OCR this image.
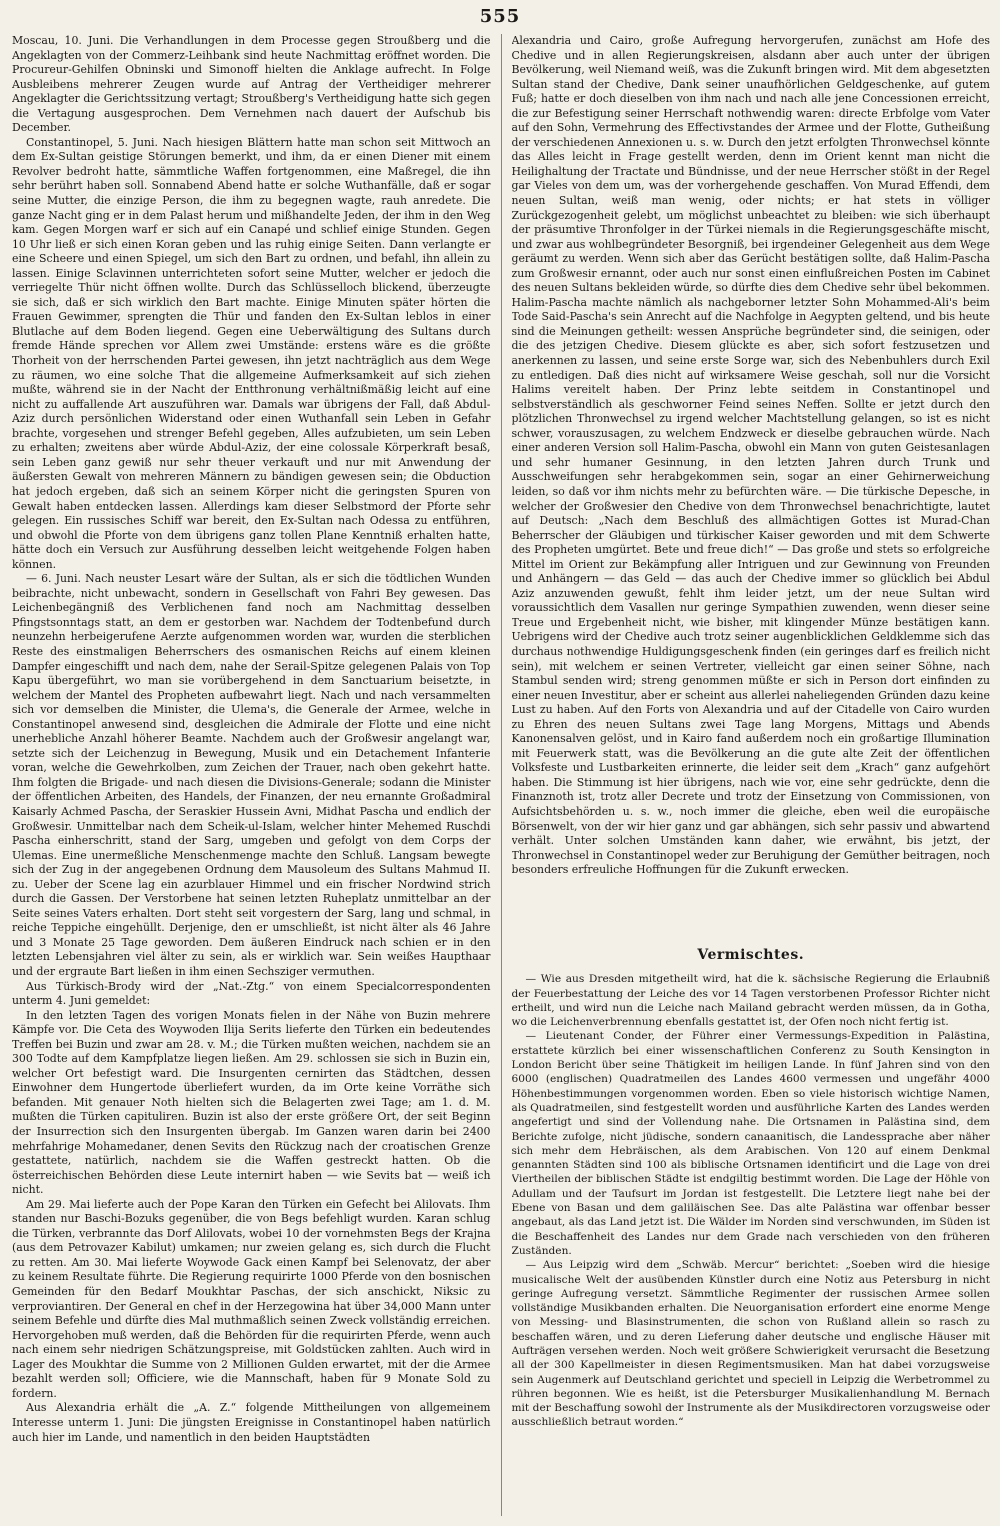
555

Moscau, 10. Juni. Die Verhandlungen in dem Processe gegen Stroußberg und die Angeklagten von der Commerz-Leihbank sind heute Nachmittag eröffnet worden. Die Procureur-Gehilfen Obninski und Simonoff hielten die Anklage aufrecht. In Folge Ausbleibens mehrerer Zeugen wurde auf Antrag der Vertheidiger mehrerer Angeklagter die Gerichtssitzung vertagt; Stroußberg's Vertheidigung hatte sich gegen die Vertagung ausgesprochen. Dem Vernehmen nach dauert der Aufschub bis December.

Constantinopel, 5. Juni. Nach hiesigen Blättern hatte man schon seit Mittwoch an dem Ex-Sultan geistige Störungen bemerkt, und ihm, da er einen Diener mit einem Revolver bedroht hatte, sämmtliche Waffen fortgenommen, eine Maßregel, die ihn sehr berührt haben soll. Sonnabend Abend hatte er solche Wuthanfälle, daß er sogar seine Mutter, die einzige Person, die ihm zu begegnen wagte, rauh anredete. Die ganze Nacht ging er in dem Palast herum und mißhandelte Jeden, der ihm in den Weg kam. Gegen Morgen warf er sich auf ein Canapé und schlief einige Stunden. Gegen 10 Uhr ließ er sich einen Koran geben und las ruhig einige Seiten. Dann verlangte er eine Scheere und einen Spiegel, um sich den Bart zu ordnen, und befahl, ihn allein zu lassen. Einige Sclavinnen unterrichteten sofort seine Mutter, welcher er jedoch die verriegelte Thür nicht öffnen wollte. Durch das Schlüsselloch blickend, überzeugte sie sich, daß er sich wirklich den Bart machte. Einige Minuten später hörten die Frauen Gewimmer, sprengten die Thür und fanden den Ex-Sultan leblos in einer Blutlache auf dem Boden liegend. Gegen eine Ueberwältigung des Sultans durch fremde Hände sprechen vor Allem zwei Umstände: erstens wäre es die größte Thorheit von der herrschenden Partei gewesen, ihn jetzt nachträglich aus dem Wege zu räumen, wo eine solche That die allgemeine Aufmerksamkeit auf sich ziehen mußte, während sie in der Nacht der Entthronung verhältnißmäßig leicht auf eine nicht zu auffallende Art auszuführen war. Damals war übrigens der Fall, daß Abdul-Aziz durch persönlichen Widerstand oder einen Wuthanfall sein Leben in Gefahr brachte, vorgesehen und strenger Befehl gegeben, Alles aufzubieten, um sein Leben zu erhalten; zweitens aber würde Abdul-Aziz, der eine colossale Körperkraft besaß, sein Leben ganz gewiß nur sehr theuer verkauft und nur mit Anwendung der äußersten Gewalt von mehreren Männern zu bändigen gewesen sein; die Obduction hat jedoch ergeben, daß sich an seinem Körper nicht die geringsten Spuren von Gewalt haben entdecken lassen. Allerdings kam dieser Selbstmord der Pforte sehr gelegen. Ein russisches Schiff war bereit, den Ex-Sultan nach Odessa zu entführen, und obwohl die Pforte von dem übrigens ganz tollen Plane Kenntniß erhalten hatte, hätte doch ein Versuch zur Ausführung desselben leicht weitgehende Folgen haben können.

— 6. Juni. Nach neuster Lesart wäre der Sultan, als er sich die tödtlichen Wunden beibrachte, nicht unbewacht, sondern in Gesellschaft von Fahri Bey gewesen. Das Leichenbegängniß des Verblichenen fand noch am Nachmittag desselben Pfingstsonntags statt, an dem er gestorben war. Nachdem der Todtenbefund durch neunzehn herbeigerufene Aerzte aufgenommen worden war, wurden die sterblichen Reste des einstmaligen Beherrschers des osmanischen Reichs auf einem kleinen Dampfer eingeschifft und nach dem, nahe der Serail-Spitze gelegenen Palais von Top Kapu übergeführt, wo man sie vorübergehend in dem Sanctuarium beisetzte, in welchem der Mantel des Propheten aufbewahrt liegt. Nach und nach versammelten sich vor demselben die Minister, die Ulema's, die Generale der Armee, welche in Constantinopel anwesend sind, desgleichen die Admirale der Flotte und eine nicht unerhebliche Anzahl höherer Beamte. Nachdem auch der Großwesir angelangt war, setzte sich der Leichenzug in Bewegung, Musik und ein Detachement Infanterie voran, welche die Gewehrkolben, zum Zeichen der Trauer, nach oben gekehrt hatte. Ihm folgten die Brigade- und nach diesen die Divisions-Generale; sodann die Minister der öffentlichen Arbeiten, des Handels, der Finanzen, der neu ernannte Großadmiral Kaisarly Achmed Pascha, der Seraskier Hussein Avni, Midhat Pascha und endlich der Großwesir. Unmittelbar nach dem Scheik-ul-Islam, welcher hinter Mehemed Ruschdi Pascha einherschritt, stand der Sarg, umgeben und gefolgt von dem Corps der Ulemas. Eine unermeßliche Menschenmenge machte den Schluß. Langsam bewegte sich der Zug in der angegebenen Ordnung dem Mausoleum des Sultans Mahmud II. zu. Ueber der Scene lag ein azurblauer Himmel und ein frischer Nordwind strich durch die Gassen. Der Verstorbene hat seinen letzten Ruheplatz unmittelbar an der Seite seines Vaters erhalten. Dort steht seit vorgestern der Sarg, lang und schmal, in reiche Teppiche eingehüllt. Derjenige, den er umschließt, ist nicht älter als 46 Jahre und 3 Monate 25 Tage geworden. Dem äußeren Eindruck nach schien er in den letzten Lebensjahren viel älter zu sein, als er wirklich war. Sein weißes Haupthaar und der ergraute Bart ließen in ihm einen Sechsziger vermuthen.

Aus Türkisch-Brody wird der „Nat.-Ztg.“ von einem Specialcorrespondenten unterm 4. Juni gemeldet:

In den letzten Tagen des vorigen Monats fielen in der Nähe von Buzin mehrere Kämpfe vor. Die Ceta des Woywoden Ilija Serits lieferte den Türken ein bedeutendes Treffen bei Buzin und zwar am 28. v. M.; die Türken mußten weichen, nachdem sie an 300 Todte auf dem Kampfplatze liegen ließen. Am 29. schlossen sie sich in Buzin ein, welcher Ort befestigt ward. Die Insurgenten cernirten das Städtchen, dessen Einwohner dem Hungertode überliefert wurden, da im Orte keine Vorräthe sich befanden. Mit genauer Noth hielten sich die Belagerten zwei Tage; am 1. d. M. mußten die Türken capituliren. Buzin ist also der erste größere Ort, der seit Beginn der Insurrection sich den Insurgenten übergab. Im Ganzen waren darin bei 2400 mehrfahrige Mohamedaner, denen Sevits den Rückzug nach der croatischen Grenze gestattete, natürlich, nachdem sie die Waffen gestreckt hatten. Ob die österreichischen Behörden diese Leute internirt haben — wie Sevits bat — weiß ich nicht.

Am 29. Mai lieferte auch der Pope Karan den Türken ein Gefecht bei Alilovats. Ihm standen nur Baschi-Bozuks gegenüber, die von Begs befehligt wurden. Karan schlug die Türken, verbrannte das Dorf Alilovats, wobei 10 der vornehmsten Begs der Krajna (aus dem Petrovazer Kabilut) umkamen; nur zweien gelang es, sich durch die Flucht zu retten. Am 30. Mai lieferte Woywode Gack einen Kampf bei Selenovatz, der aber zu keinem Resultate führte. Die Regierung requirirte 1000 Pferde von den bosnischen Gemeinden für den Bedarf Moukhtar Paschas, der sich anschickt, Niksic zu verproviantiren. Der General en chef in der Herzegowina hat über 34,000 Mann unter seinem Befehle und dürfte dies Mal muthmaßlich seinen Zweck vollständig erreichen. Hervorgehoben muß werden, daß die Behörden für die requirirten Pferde, wenn auch nach einem sehr niedrigen Schätzungspreise, mit Goldstücken zahlten. Auch wird in Lager des Moukhtar die Summe von 2 Millionen Gulden erwartet, mit der die Armee bezahlt werden soll; Officiere, wie die Mannschaft, haben für 9 Monate Sold zu fordern.

Aus Alexandria erhält die „A. Z.“ folgende Mittheilungen von allgemeinem Interesse unterm 1. Juni: Die jüngsten Ereignisse in Constantinopel haben natürlich auch hier im Lande, und namentlich in den beiden Hauptstädten

Alexandria und Cairo, große Aufregung hervorgerufen, zunächst am Hofe des Chedive und in allen Regierungskreisen, alsdann aber auch unter der übrigen Bevölkerung, weil Niemand weiß, was die Zukunft bringen wird. Mit dem abgesetzten Sultan stand der Chedive, Dank seiner unaufhörlichen Geldgeschenke, auf gutem Fuß; hatte er doch dieselben von ihm nach und nach alle jene Concessionen erreicht, die zur Befestigung seiner Herrschaft nothwendig waren: directe Erbfolge vom Vater auf den Sohn, Vermehrung des Effectivstandes der Armee und der Flotte, Gutheißung der verschiedenen Annexionen u. s. w. Durch den jetzt erfolgten Thronwechsel könnte das Alles leicht in Frage gestellt werden, denn im Orient kennt man nicht die Heilighaltung der Tractate und Bündnisse, und der neue Herrscher stößt in der Regel gar Vieles von dem um, was der vorhergehende geschaffen. Von Murad Effendi, dem neuen Sultan, weiß man wenig, oder nichts; er hat stets in völliger Zurückgezogenheit gelebt, um möglichst unbeachtet zu bleiben: wie sich überhaupt der präsumtive Thronfolger in der Türkei niemals in die Regierungsgeschäfte mischt, und zwar aus wohlbegründeter Besorgniß, bei irgendeiner Gelegenheit aus dem Wege geräumt zu werden. Wenn sich aber das Gerücht bestätigen sollte, daß Halim-Pascha zum Großwesir ernannt, oder auch nur sonst einen einflußreichen Posten im Cabinet des neuen Sultans bekleiden würde, so dürfte dies dem Chedive sehr übel bekommen. Halim-Pascha machte nämlich als nachgeborner letzter Sohn Mohammed-Ali's beim Tode Said-Pascha's sein Anrecht auf die Nachfolge in Aegypten geltend, und bis heute sind die Meinungen getheilt: wessen Ansprüche begründeter sind, die seinigen, oder die des jetzigen Chedive. Diesem glückte es aber, sich sofort festzusetzen und anerkennen zu lassen, und seine erste Sorge war, sich des Nebenbuhlers durch Exil zu entledigen. Daß dies nicht auf wirksamere Weise geschah, soll nur die Vorsicht Halims vereitelt haben. Der Prinz lebte seitdem in Constantinopel und selbstverständlich als geschworner Feind seines Neffen. Sollte er jetzt durch den plötzlichen Thronwechsel zu irgend welcher Machtstellung gelangen, so ist es nicht schwer, vorauszusagen, zu welchem Endzweck er dieselbe gebrauchen würde. Nach einer anderen Version soll Halim-Pascha, obwohl ein Mann von guten Geistesanlagen und sehr humaner Gesinnung, in den letzten Jahren durch Trunk und Ausschweifungen sehr herabgekommen sein, sogar an einer Gehirnerweichung leiden, so daß vor ihm nichts mehr zu befürchten wäre. — Die türkische Depesche, in welcher der Großwesier den Chedive von dem Thronwechsel benachrichtigte, lautet auf Deutsch: „Nach dem Beschluß des allmächtigen Gottes ist Murad-Chan Beherrscher der Gläubigen und türkischer Kaiser geworden und mit dem Schwerte des Propheten umgürtet. Bete und freue dich!“ — Das große und stets so erfolgreiche Mittel im Orient zur Bekämpfung aller Intriguen und zur Gewinnung von Freunden und Anhängern — das Geld — das auch der Chedive immer so glücklich bei Abdul Aziz anzuwenden gewußt, fehlt ihm leider jetzt, um der neue Sultan wird voraussichtlich dem Vasallen nur geringe Sympathien zuwenden, wenn dieser seine Treue und Ergebenheit nicht, wie bisher, mit klingender Münze bestätigen kann. Uebrigens wird der Chedive auch trotz seiner augenblicklichen Geldklemme sich das durchaus nothwendige Huldigungsgeschenk finden (ein geringes darf es freilich nicht sein), mit welchem er seinen Vertreter, vielleicht gar einen seiner Söhne, nach Stambul senden wird; streng genommen müßte er sich in Person dort einfinden zu einer neuen Investitur, aber er scheint aus allerlei naheliegenden Gründen dazu keine Lust zu haben. Auf den Forts von Alexandria und auf der Citadelle von Cairo wurden zu Ehren des neuen Sultans zwei Tage lang Morgens, Mittags und Abends Kanonensalven gelöst, und in Kairo fand außerdem noch ein großartige Illumination mit Feuerwerk statt, was die Bevölkerung an die gute alte Zeit der öffentlichen Volksfeste und Lustbarkeiten erinnerte, die leider seit dem „Krach“ ganz aufgehört haben. Die Stimmung ist hier übrigens, nach wie vor, eine sehr gedrückte, denn die Finanznoth ist, trotz aller Decrete und trotz der Einsetzung von Commissionen, von Aufsichtsbehörden u. s. w., noch immer die gleiche, eben weil die europäische Börsenwelt, von der wir hier ganz und gar abhängen, sich sehr passiv und abwartend verhält. Unter solchen Umständen kann daher, wie erwähnt, bis jetzt, der Thronwechsel in Constantinopel weder zur Beruhigung der Gemüther beitragen, noch besonders erfreuliche Hoffnungen für die Zukunft erwecken.

Vermischtes.

— Wie aus Dresden mitgetheilt wird, hat die k. sächsische Regierung die Erlaubniß der Feuerbestattung der Leiche des vor 14 Tagen verstorbenen Professor Richter nicht ertheilt, und wird nun die Leiche nach Mailand gebracht werden müssen, da in Gotha, wo die Leichenverbrennung ebenfalls gestattet ist, der Ofen noch nicht fertig ist.

— Lieutenant Conder, der Führer einer Vermessungs-Expedition in Palästina, erstattete kürzlich bei einer wissenschaftlichen Conferenz zu South Kensington in London Bericht über seine Thätigkeit im heiligen Lande. In fünf Jahren sind von den 6000 (englischen) Quadratmeilen des Landes 4600 vermessen und ungefähr 4000 Höhenbestimmungen vorgenommen worden. Eben so viele historisch wichtige Namen, als Quadratmeilen, sind festgestellt worden und ausführliche Karten des Landes werden angefertigt und sind der Vollendung nahe. Die Ortsnamen in Palästina sind, dem Berichte zufolge, nicht jüdische, sondern canaanitisch, die Landessprache aber näher sich mehr dem Hebräischen, als dem Arabischen. Von 120 auf einem Denkmal genannten Städten sind 100 als biblische Ortsnamen identificirt und die Lage von drei Viertheilen der biblischen Städte ist endgiltig bestimmt worden. Die Lage der Höhle von Adullam und der Taufsurt im Jordan ist festgestellt. Die Letztere liegt nahe bei der Ebene von Basan und dem galiläischen See. Das alte Palästina war offenbar besser angebaut, als das Land jetzt ist. Die Wälder im Norden sind verschwunden, im Süden ist die Beschaffenheit des Landes nur dem Grade nach verschieden von den früheren Zuständen.

— Aus Leipzig wird dem „Schwäb. Mercur“ berichtet: „Soeben wird die hiesige musicalische Welt der ausübenden Künstler durch eine Notiz aus Petersburg in nicht geringe Aufregung versetzt. Sämmtliche Regimenter der russischen Armee sollen vollständige Musikbanden erhalten. Die Neuorganisation erfordert eine enorme Menge von Messing- und Blasinstrumenten, die schon von Rußland allein so rasch zu beschaffen wären, und zu deren Lieferung daher deutsche und englische Häuser mit Aufträgen versehen werden. Noch weit größere Schwierigkeit verursacht die Besetzung all der 300 Kapellmeister in diesen Regimentsmusiken. Man hat dabei vorzugsweise sein Augenmerk auf Deutschland gerichtet und speciell in Leipzig die Werbetrommel zu rühren begonnen. Wie es heißt, ist die Petersburger Musikalienhandlung M. Bernach mit der Beschaffung sowohl der Instrumente als der Musikdirectoren vorzugsweise oder ausschließlich betraut worden.“
